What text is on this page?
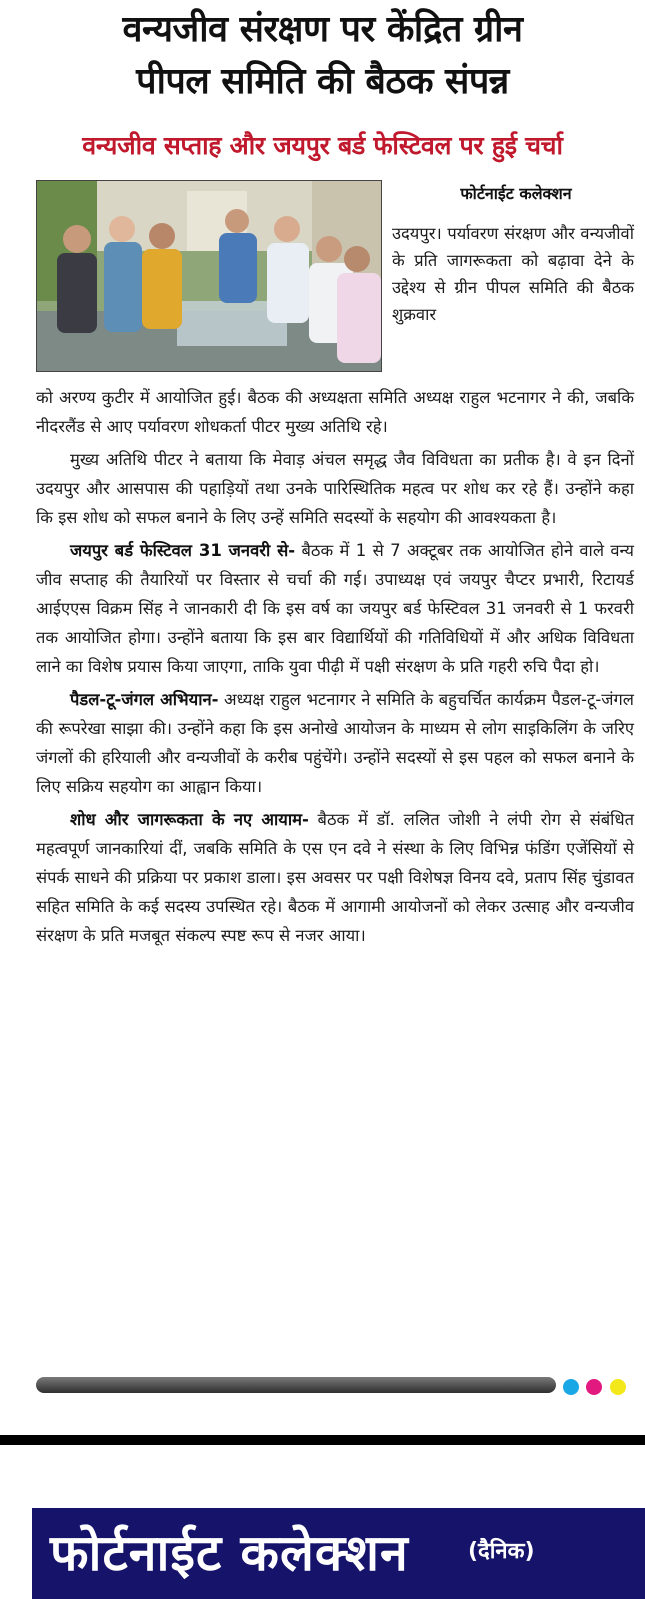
वन्यजीव संरक्षण पर केंद्रित ग्रीन
पीपल समिति की बैठक संपन्न
वन्यजीव सप्ताह और जयपुर बर्ड फेस्टिवल पर हुई चर्चा
फोर्टनाईट कलेक्शन
उदयपुर। पर्यावरण संरक्षण और वन्यजीवों के प्रति जागरूकता को बढ़ावा देने के उद्देश्य से ग्रीन पीपल समिति की बैठक शुक्रवार

को अरण्य कुटीर में आयोजित हुई। बैठक की अध्यक्षता समिति अध्यक्ष राहुल भटनागर ने की, जबकि नीदरलैंड से आए पर्यावरण शोधकर्ता पीटर मुख्य अतिथि रहे।

मुख्य अतिथि पीटर ने बताया कि मेवाड़ अंचल समृद्ध जैव विविधता का प्रतीक है। वे इन दिनों उदयपुर और आसपास की पहाड़ियों तथा उनके पारिस्थितिक महत्व पर शोध कर रहे हैं। उन्होंने कहा कि इस शोध को सफल बनाने के लिए उन्हें समिति सदस्यों के सहयोग की आवश्यकता है।

जयपुर बर्ड फेस्टिवल 31 जनवरी से- बैठक में 1 से 7 अक्टूबर तक आयोजित होने वाले वन्य जीव सप्ताह की तैयारियों पर विस्तार से चर्चा की गई। उपाध्यक्ष एवं जयपुर चैप्टर प्रभारी, रिटायर्ड आईएएस विक्रम सिंह ने जानकारी दी कि इस वर्ष का जयपुर बर्ड फेस्टिवल 31 जनवरी से 1 फरवरी तक आयोजित होगा। उन्होंने बताया कि इस बार विद्यार्थियों की गतिविधियों में और अधिक विविधता लाने का विशेष प्रयास किया जाएगा, ताकि युवा पीढ़ी में पक्षी संरक्षण के प्रति गहरी रुचि पैदा हो।

पैडल-टू-जंगल अभियान- अध्यक्ष राहुल भटनागर ने समिति के बहुचर्चित कार्यक्रम पैडल-टू-जंगल की रूपरेखा साझा की। उन्होंने कहा कि इस अनोखे आयोजन के माध्यम से लोग साइकिलिंग के जरिए जंगलों की हरियाली और वन्यजीवों के करीब पहुंचेंगे। उन्होंने सदस्यों से इस पहल को सफल बनाने के लिए सक्रिय सहयोग का आह्वान किया।

शोध और जागरूकता के नए आयाम- बैठक में डॉ. ललित जोशी ने लंपी रोग से संबंधित महत्वपूर्ण जानकारियां दीं, जबकि समिति के एस एन दवे ने संस्था के लिए विभिन्न फंडिंग एजेंसियों से संपर्क साधने की प्रक्रिया पर प्रकाश डाला। इस अवसर पर पक्षी विशेषज्ञ विनय दवे, प्रताप सिंह चुंडावत सहित समिति के कई सदस्य उपस्थित रहे। बैठक में आगामी आयोजनों को लेकर उत्साह और वन्यजीव संरक्षण के प्रति मजबूत संकल्प स्पष्ट रूप से नजर आया।

फोर्टनाईट कलेक्शन	(दैनिक)
